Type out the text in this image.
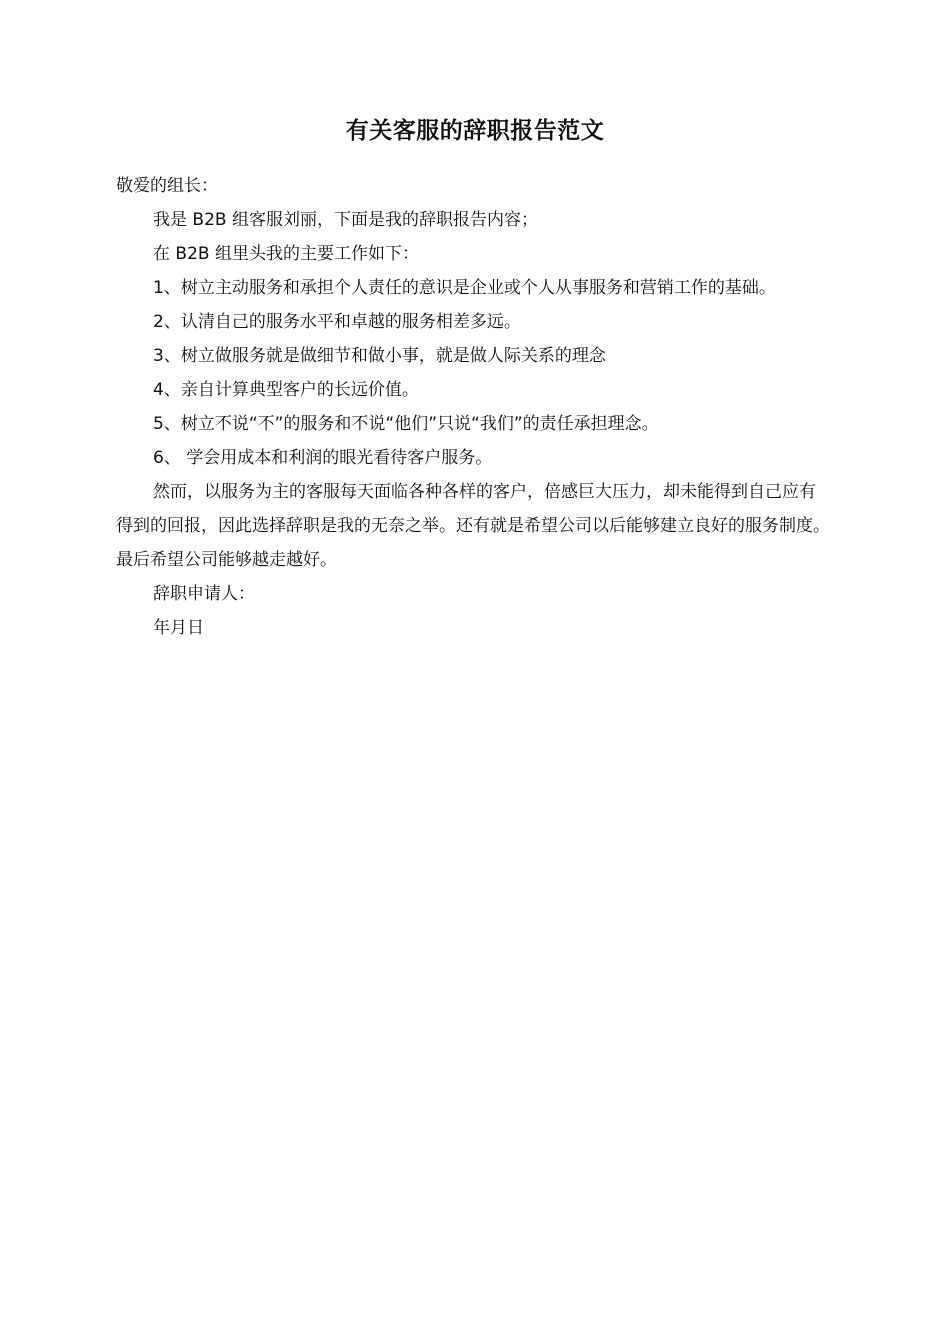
有关客服的辞职报告范文

敬爱的组长：

我是 B2B 组客服刘丽，下面是我的辞职报告内容；

在 B2B 组里头我的主要工作如下：

1、树立主动服务和承担个人责任的意识是企业或个人从事服务和营销工作的基础。

2、认清自己的服务水平和卓越的服务相差多远。

3、树立做服务就是做细节和做小事，就是做人际关系的理念

4、亲自计算典型客户的长远价值。

5、树立不说“不”的服务和不说“他们”只说“我们”的责任承担理念。

6、 学会用成本和利润的眼光看待客户服务。

然而，以服务为主的客服每天面临各种各样的客户，倍感巨大压力，却未能得到自己应有得到的回报，因此选择辞职是我的无奈之举。还有就是希望公司以后能够建立良好的服务制度。最后希望公司能够越走越好。

辞职申请人：

年月日
